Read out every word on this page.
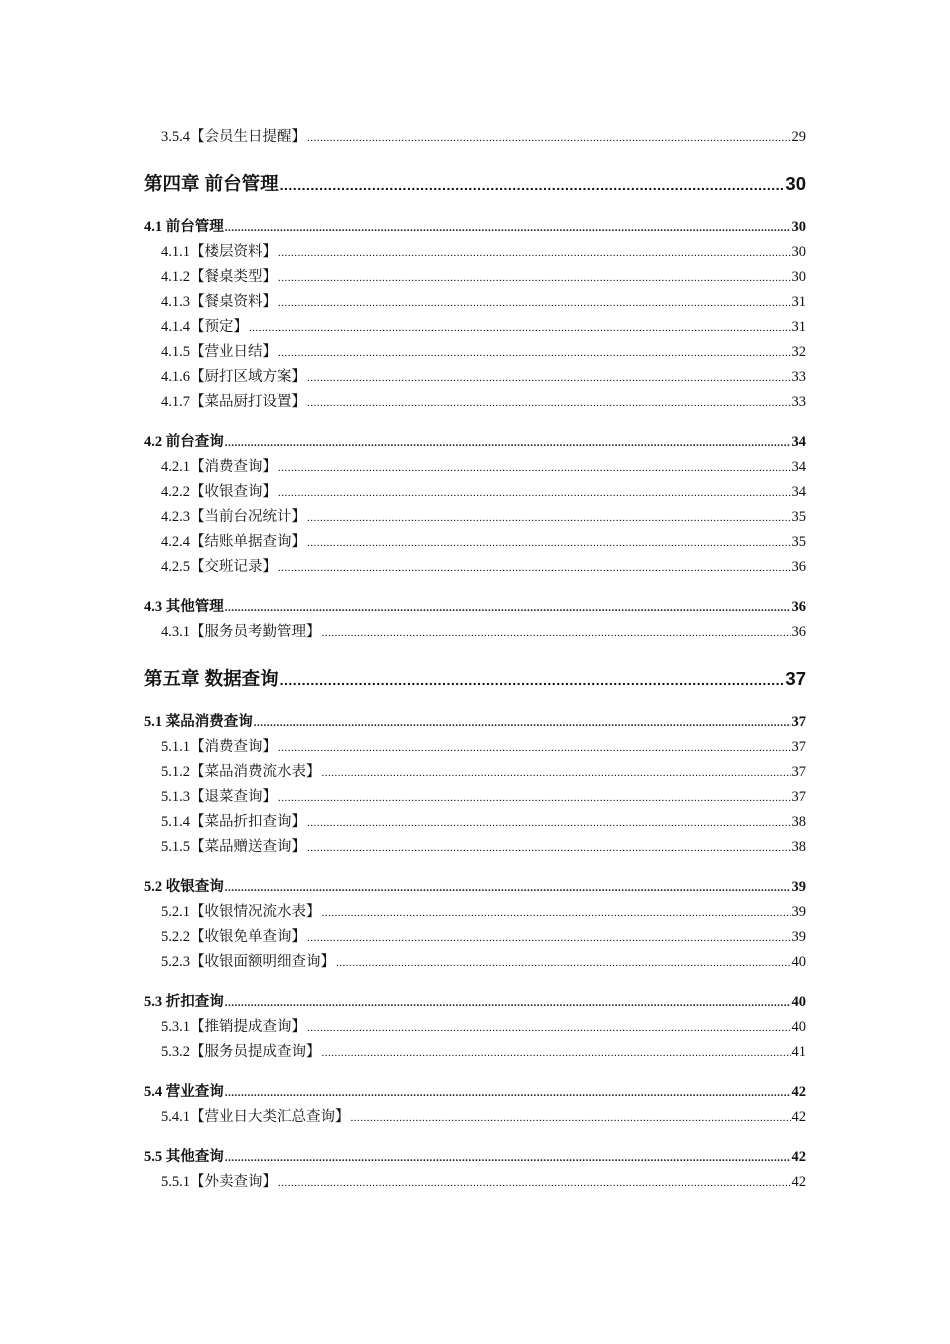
3.5.4【会员生日提醒】 .....	29
第四章 前台管理 .....	30
4.1 前台管理 .....	30
4.1.1【楼层资料】 .....	30
4.1.2【餐桌类型】 .....	30
4.1.3【餐桌资料】 .....	31
4.1.4【预定】 .....	31
4.1.5【营业日结】 .....	32
4.1.6【厨打区域方案】 .....	33
4.1.7【菜品厨打设置】 .....	33
4.2 前台查询 .....	34
4.2.1【消费查询】 .....	34
4.2.2【收银查询】 .....	34
4.2.3【当前台况统计】 .....	35
4.2.4【结账单据查询】 .....	35
4.2.5【交班记录】 .....	36
4.3 其他管理 .....	36
4.3.1【服务员考勤管理】 .....	36
第五章 数据查询 .....	37
5.1 菜品消费查询 .....	37
5.1.1【消费查询】 .....	37
5.1.2【菜品消费流水表】 .....	37
5.1.3【退菜查询】 .....	37
5.1.4【菜品折扣查询】 .....	38
5.1.5【菜品赠送查询】 .....	38
5.2 收银查询 .....	39
5.2.1【收银情况流水表】 .....	39
5.2.2【收银免单查询】 .....	39
5.2.3【收银面额明细查询】 .....	40
5.3 折扣查询 .....	40
5.3.1【推销提成查询】 .....	40
5.3.2【服务员提成查询】 .....	41
5.4 营业查询 .....	42
5.4.1【营业日大类汇总查询】 .....	42
5.5 其他查询 .....	42
5.5.1【外卖查询】 .....	42
